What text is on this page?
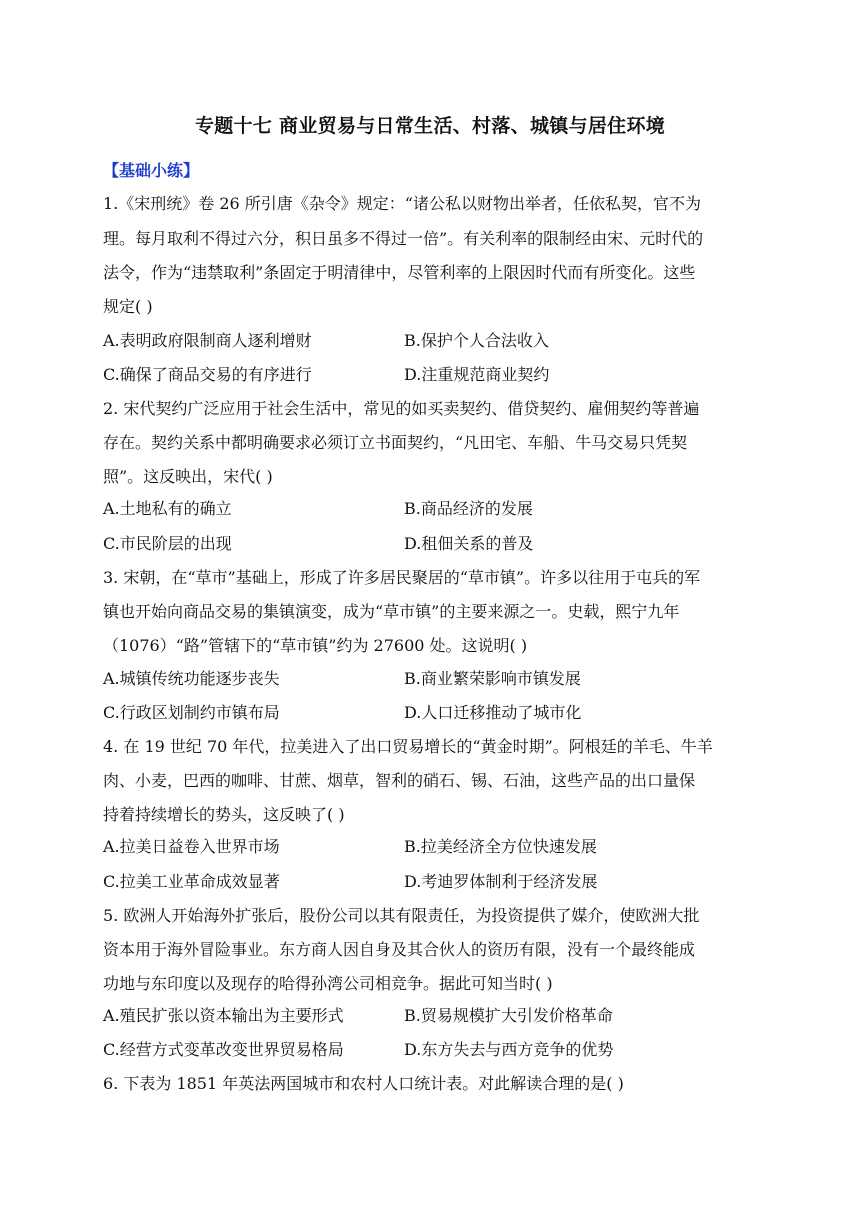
专题十七 商业贸易与日常生活、村落、城镇与居住环境
【基础小练】
1.《宋刑统》卷 26 所引唐《杂令》规定：“诸公私以财物出举者，任依私契，官不为
理。每月取利不得过六分，积日虽多不得过一倍”。有关利率的限制经由宋、元时代的
法令，作为“违禁取利”条固定于明清律中，尽管利率的上限因时代而有所变化。这些
规定( )
A.表明政府限制商人逐利增财	B.保护个人合法收入
C.确保了商品交易的有序进行	D.注重规范商业契约
2. 宋代契约广泛应用于社会生活中，常见的如买卖契约、借贷契约、雇佣契约等普遍
存在。契约关系中都明确要求必须订立书面契约，“凡田宅、车船、牛马交易只凭契
照”。这反映出，宋代( )
A.土地私有的确立	B.商品经济的发展
C.市民阶层的出现	D.租佃关系的普及
3. 宋朝，在“草市”基础上，形成了许多居民聚居的“草市镇”。许多以往用于屯兵的军
镇也开始向商品交易的集镇演变，成为“草市镇”的主要来源之一。史载，熙宁九年
（1076）“路”管辖下的“草市镇”约为 27600 处。这说明( )
A.城镇传统功能逐步丧失	B.商业繁荣影响市镇发展
C.行政区划制约市镇布局	D.人口迁移推动了城市化
4. 在 19 世纪 70 年代，拉美进入了出口贸易增长的“黄金时期”。阿根廷的羊毛、牛羊
肉、小麦，巴西的咖啡、甘蔗、烟草，智利的硝石、锡、石油，这些产品的出口量保
持着持续增长的势头，这反映了( )
A.拉美日益卷入世界市场	B.拉美经济全方位快速发展
C.拉美工业革命成效显著	D.考迪罗体制利于经济发展
5. 欧洲人开始海外扩张后，股份公司以其有限责任，为投资提供了媒介，使欧洲大批
资本用于海外冒险事业。东方商人因自身及其合伙人的资历有限，没有一个最终能成
功地与东印度以及现存的哈得孙湾公司相竞争。据此可知当时( )
A.殖民扩张以资本输出为主要形式	B.贸易规模扩大引发价格革命
C.经营方式变革改变世界贸易格局	D.东方失去与西方竞争的优势
6. 下表为 1851 年英法两国城市和农村人口统计表。对此解读合理的是( )
